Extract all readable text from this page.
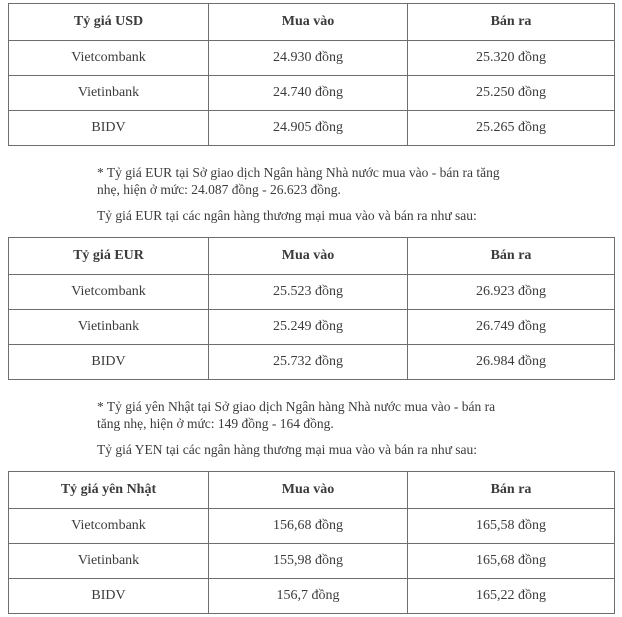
Tỷ giá USD	Mua vào	Bán ra
Vietcombank	24.930 đồng	25.320 đồng
Vietinbank	24.740 đồng	25.250 đồng
BIDV	24.905 đồng	25.265 đồng

* Tỷ giá EUR tại Sở giao dịch Ngân hàng Nhà nước mua vào - bán ra tăng nhẹ, hiện ở mức: 24.087 đồng - 26.623 đồng.

Tỷ giá EUR tại các ngân hàng thương mại mua vào và bán ra như sau:

Tỷ giá EUR	Mua vào	Bán ra
Vietcombank	25.523 đồng	26.923 đồng
Vietinbank	25.249 đồng	26.749 đồng
BIDV	25.732 đồng	26.984 đồng

* Tỷ giá yên Nhật tại Sở giao dịch Ngân hàng Nhà nước mua vào - bán ra tăng nhẹ, hiện ở mức: 149 đồng - 164 đồng.

Tỷ giá YEN tại các ngân hàng thương mại mua vào và bán ra như sau:

Tỷ giá yên Nhật	Mua vào	Bán ra
Vietcombank	156,68 đồng	165,58 đồng
Vietinbank	155,98 đồng	165,68 đồng
BIDV	156,7 đồng	165,22 đồng
